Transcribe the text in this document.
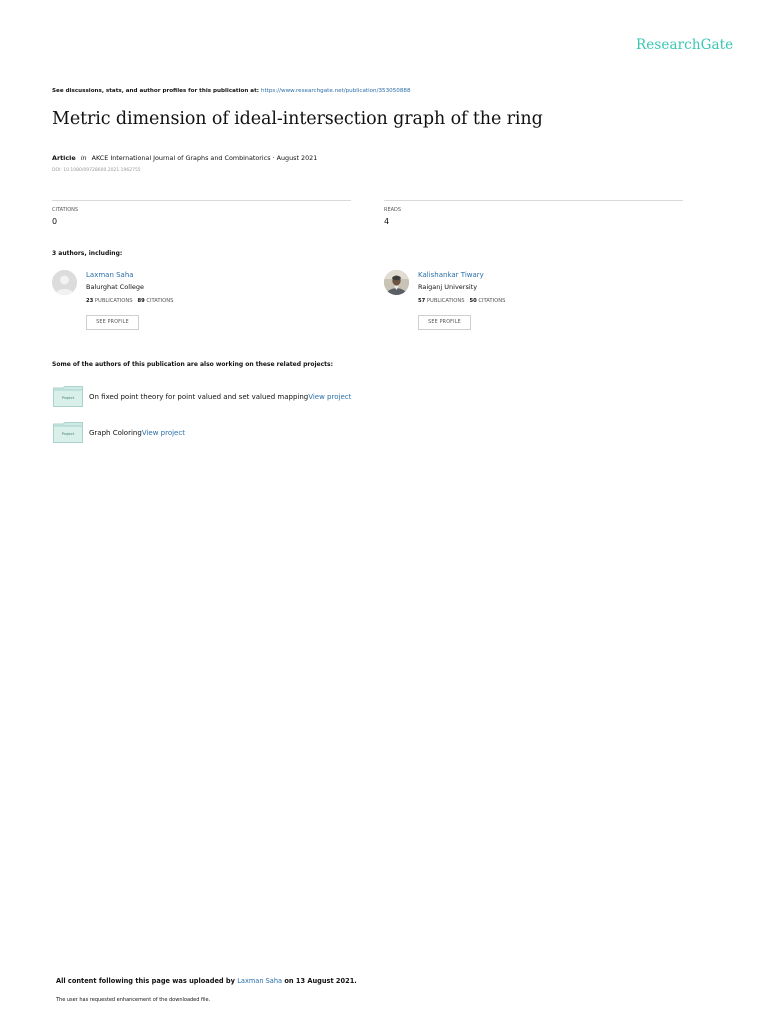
ResearchGate
See discussions, stats, and author profiles for this publication at: https://www.researchgate.net/publication/353050888
Metric dimension of ideal-intersection graph of the ring
Article in AKCE International Journal of Graphs and Combinatorics · August 2021
DOI: 10.1080/09728600.2021.1962755
CITATIONS
0
READS
4
3 authors, including:
Laxman Saha
Balurghat College
23 PUBLICATIONS 89 CITATIONS
SEE PROFILE
Kalishankar Tiwary
Raiganj University
57 PUBLICATIONS 50 CITATIONS
SEE PROFILE
Some of the authors of this publication are also working on these related projects:
Project	On fixed point theory for point valued and set valued mappingView project
Project	Graph ColoringView project
All content following this page was uploaded by Laxman Saha on 13 August 2021.
The user has requested enhancement of the downloaded file.
